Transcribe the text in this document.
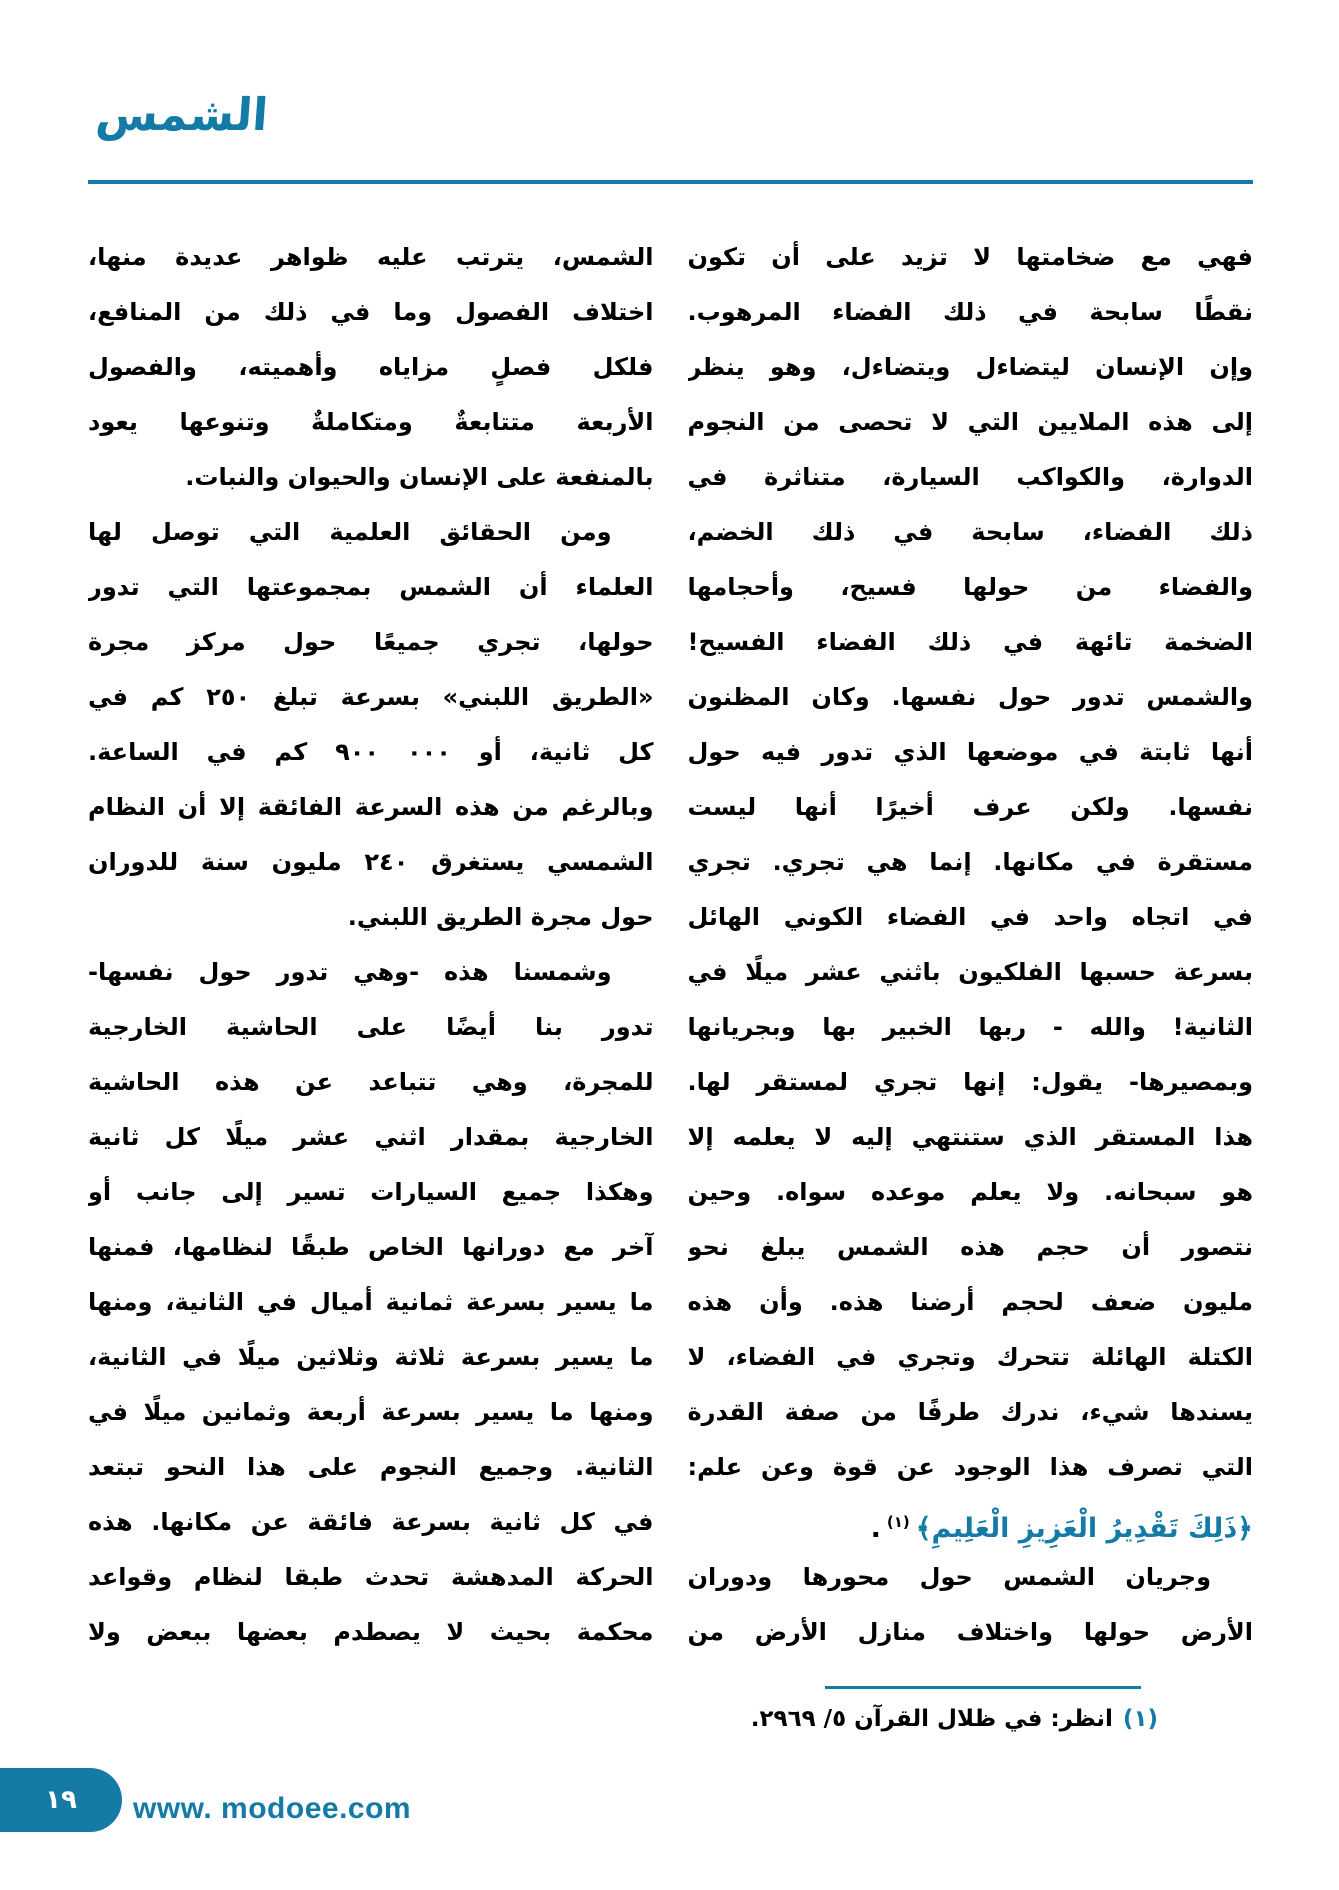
الشمس
فهي مع ضخامتها لا تزيد على أن تكون
نقطًا سابحة في ذلك الفضاء المرهوب.
وإن الإنسان ليتضاءل ويتضاءل، وهو ينظر
إلى هذه الملايين التي لا تحصى من النجوم
الدوارة، والكواكب السيارة، متناثرة في
ذلك الفضاء، سابحة في ذلك الخضم،
والفضاء من حولها فسيح، وأحجامها
الضخمة تائهة في ذلك الفضاء الفسيح!
والشمس تدور حول نفسها. وكان المظنون
أنها ثابتة في موضعها الذي تدور فيه حول
نفسها. ولكن عرف أخيرًا أنها ليست
مستقرة في مكانها. إنما هي تجري. تجري
في اتجاه واحد في الفضاء الكوني الهائل
بسرعة حسبها الفلكيون باثني عشر ميلًا في
الثانية! والله - ربها الخبير بها وبجريانها
وبمصيرها- يقول: إنها تجري لمستقر لها.
هذا المستقر الذي ستنتهي إليه لا يعلمه إلا
هو سبحانه. ولا يعلم موعده سواه. وحين
نتصور أن حجم هذه الشمس يبلغ نحو
مليون ضعف لحجم أرضنا هذه. وأن هذه
الكتلة الهائلة تتحرك وتجري في الفضاء، لا
يسندها شيء، ندرك طرفًا من صفة القدرة
التي تصرف هذا الوجود عن قوة وعن علم:
﴿ذَلِكَ تَقْدِيرُ الْعَزِيزِ الْعَلِيمِ﴾$^{(١)}$.
وجريان الشمس حول محورها ودوران
الأرض حولها واختلاف منازل الأرض من
الشمس، يترتب عليه ظواهر عديدة منها،
اختلاف الفصول وما في ذلك من المنافع،
فلكل فصلٍ مزاياه وأهميته، والفصول
الأربعة متتابعةٌ ومتكاملةٌ وتنوعها يعود
بالمنفعة على الإنسان والحيوان والنبات.
ومن الحقائق العلمية التي توصل لها
العلماء أن الشمس بمجموعتها التي تدور
حولها، تجري جميعًا حول مركز مجرة
«الطريق اللبني» بسرعة تبلغ ٢٥٠ كم في
كل ثانية، أو ٠٠٠ ٩٠٠ كم في الساعة.
وبالرغم من هذه السرعة الفائقة إلا أن النظام
الشمسي يستغرق ٢٤٠ مليون سنة للدوران
حول مجرة الطريق اللبني.
وشمسنا هذه -وهي تدور حول نفسها-
تدور بنا أيضًا على الحاشية الخارجية
للمجرة، وهي تتباعد عن هذه الحاشية
الخارجية بمقدار اثني عشر ميلًا كل ثانية
وهكذا جميع السيارات تسير إلى جانب أو
آخر مع دورانها الخاص طبقًا لنظامها، فمنها
ما يسير بسرعة ثمانية أميال في الثانية، ومنها
ما يسير بسرعة ثلاثة وثلاثين ميلًا في الثانية،
ومنها ما يسير بسرعة أربعة وثمانين ميلًا في
الثانية. وجميع النجوم على هذا النحو تبتعد
في كل ثانية بسرعة فائقة عن مكانها. هذه
الحركة المدهشة تحدث طبقا لنظام وقواعد
محكمة بحيث لا يصطدم بعضها ببعض ولا
(١)انظر: في ظلال القرآن ٥/ ٢٩٦٩.
١٩ www. modoee.com
